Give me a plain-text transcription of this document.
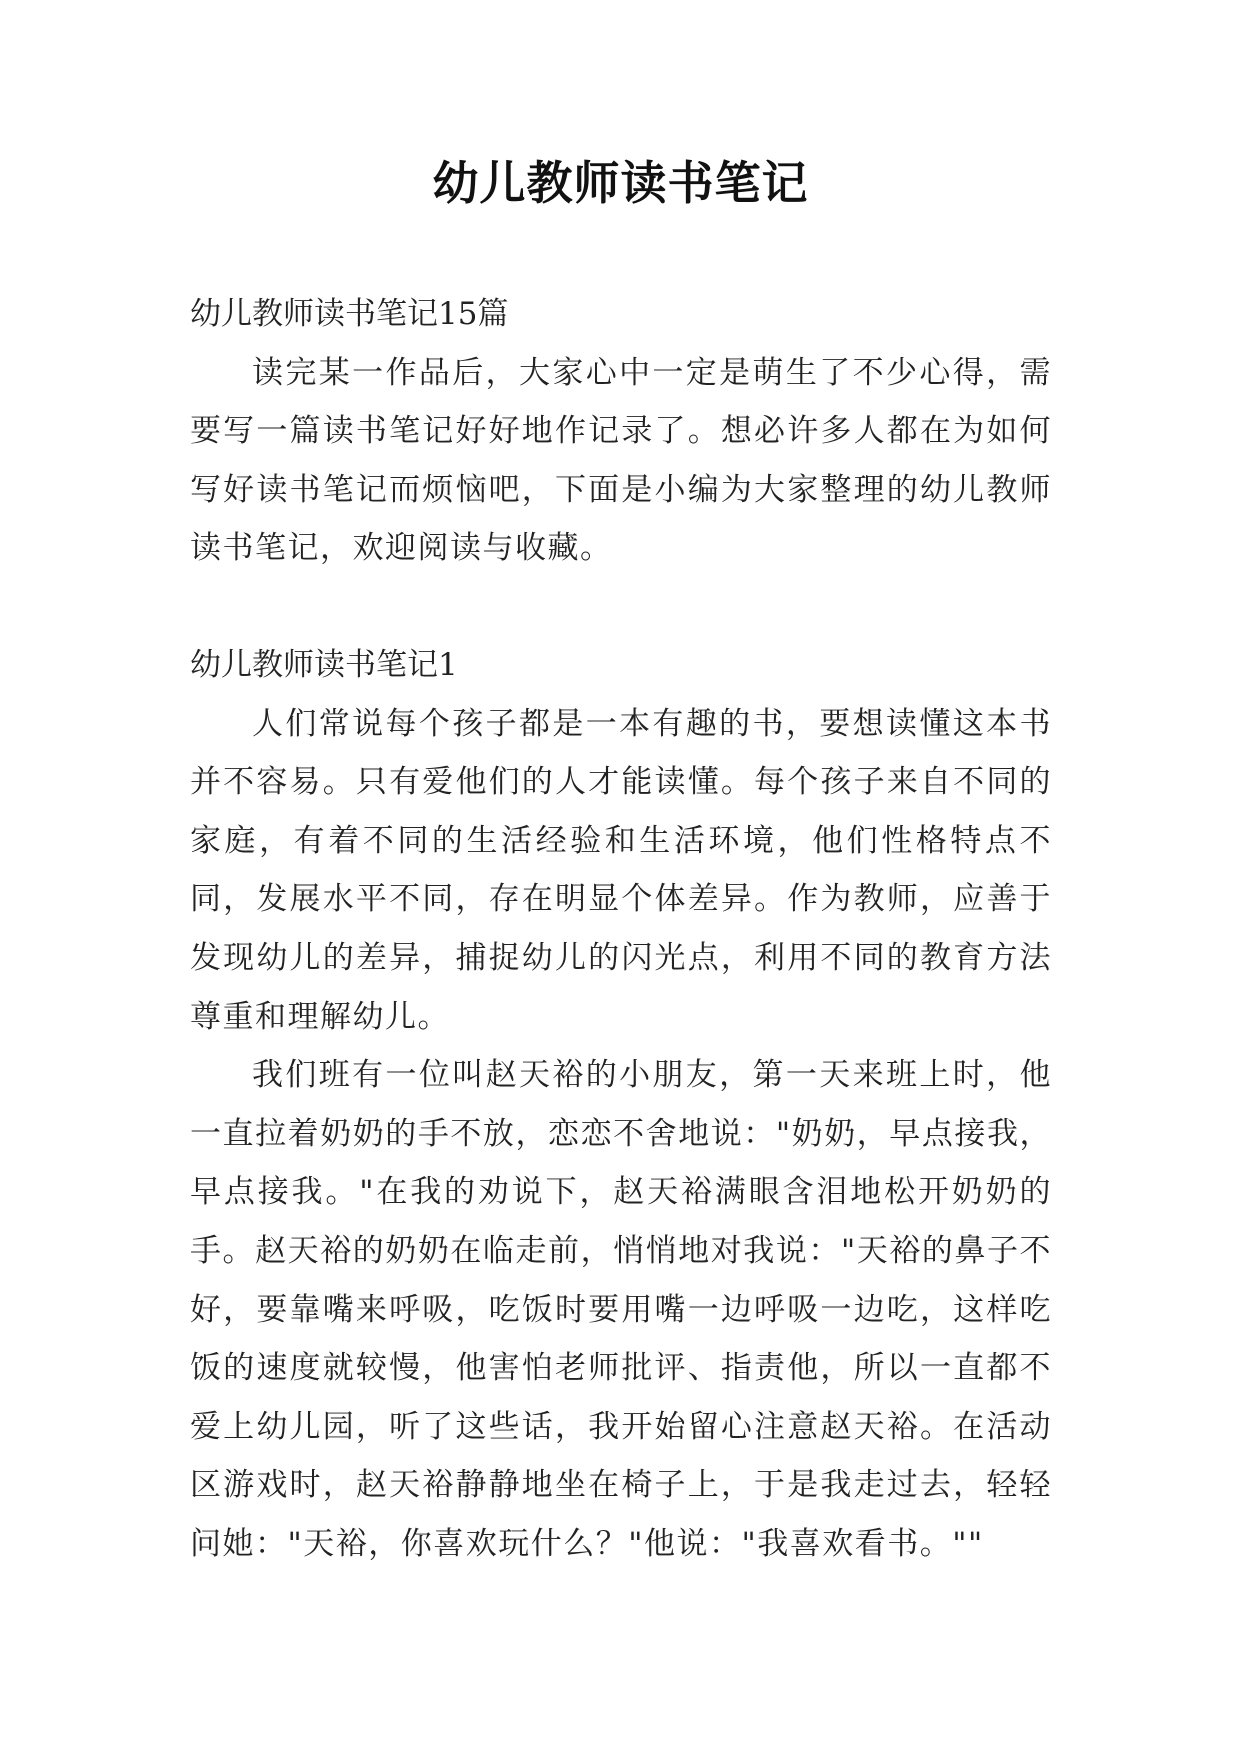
幼儿教师读书笔记

幼儿教师读书笔记15篇

读完某一作品后，大家心中一定是萌生了不少心得，需要写一篇读书笔记好好地作记录了。想必许多人都在为如何写好读书笔记而烦恼吧，下面是小编为大家整理的幼儿教师读书笔记，欢迎阅读与收藏。

幼儿教师读书笔记1

人们常说每个孩子都是一本有趣的书，要想读懂这本书并不容易。只有爱他们的人才能读懂。每个孩子来自不同的家庭，有着不同的生活经验和生活环境，他们性格特点不同，发展水平不同，存在明显个体差异。作为教师，应善于发现幼儿的差异，捕捉幼儿的闪光点，利用不同的教育方法尊重和理解幼儿。

我们班有一位叫赵天裕的小朋友，第一天来班上时，他一直拉着奶奶的手不放，恋恋不舍地说："奶奶，早点接我，早点接我。"在我的劝说下，赵天裕满眼含泪地松开奶奶的手。赵天裕的奶奶在临走前，悄悄地对我说："天裕的鼻子不好，要靠嘴来呼吸，吃饭时要用嘴一边呼吸一边吃，这样吃饭的速度就较慢，他害怕老师批评、指责他，所以一直都不爱上幼儿园，听了这些话，我开始留心注意赵天裕。在活动区游戏时，赵天裕静静地坐在椅子上，于是我走过去，轻轻问她："天裕，你喜欢玩什么？"他说："我喜欢看书。""
